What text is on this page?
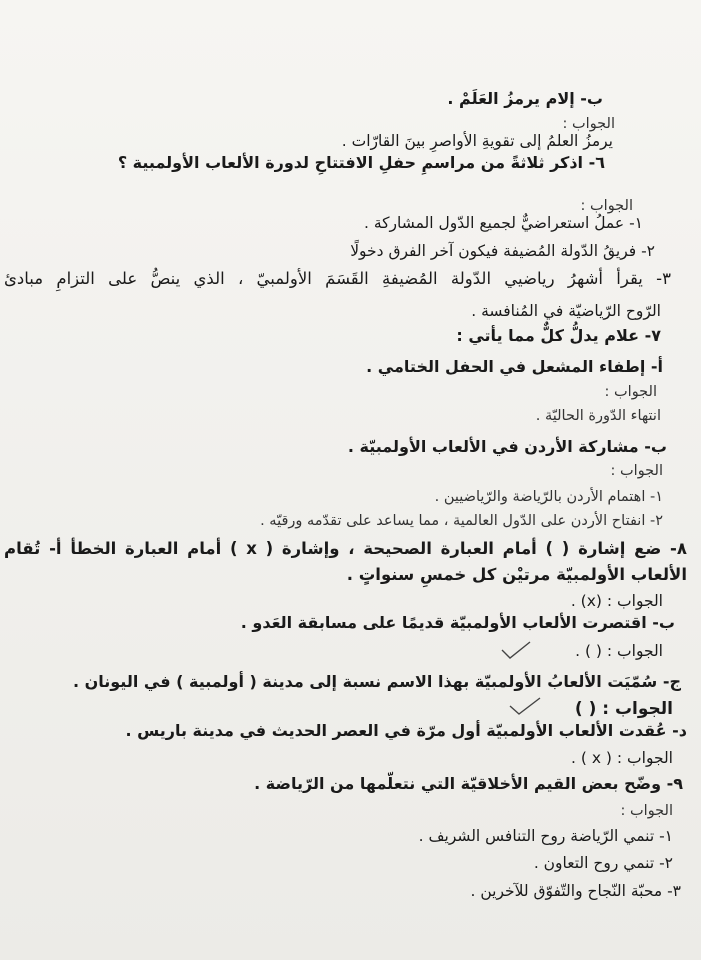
ب- إلام يرمزُ العَلَمْ .
الجواب :
يرمزُ العلمُ إلى تقويةِ الأواصرِ بينَ القارّات .
٦- اذكر ثلاثةً من مراسمِ حفلِ الافتتاحِ لدورة الألعاب الأولمبية ؟
الجواب :
١- عملُ استعراضيٌّ لجميع الدّول المشاركة .
٢- فريقُ الدّولة المُضيفة فيكون آخر الفرق دخولًا
٣- يقرأ أشهرُ رياضيي الدّولة المُضيفةِ القَسَمَ الأولمبيّ ، الذي ينصُّ على التزامِ مبادئ
الرّوح الرّياضيّة في المُنافسة .
٧- علام يدلُّ كلٌّ مما يأتي :
أ- إطفاء المشعل في الحفل الختامي .
الجواب :
انتهاء الدّورة الحاليّة .
ب- مشاركة الأردن في الألعاب الأولمبيّة .
الجواب :
١- اهتمام الأردن بالرّياضة والرّياضيين .
٢- انفتاح الأردن على الدّول العالمية ، مما يساعد على تقدّمه ورقيّه .
٨- ضع إشارة ( ) أمام العبارة الصحيحة ، وإشارة ( x ) أمام العبارة الخطأ أ- تُقام
الألعاب الأولمبيّة مرتيْن كل خمسِ سنواتٍ .
الجواب : (x) .
ب- اقتصرت الألعاب الأولمبيّة قديمًا على مسابقة العَدو .
الجواب : ( ) .
ج- سُمّيَت الألعابُ الأولمبيّة بهذا الاسم نسبة إلى مدينة ( أولمبية ) في اليونان .
الجواب : ( )
د- عُقدت الألعاب الأولمبيّة أول مرّة في العصر الحديث في مدينة باريس .
الجواب : ( x ) .
٩- وضّح بعض القيم الأخلاقيّة التي نتعلّمها من الرّياضة .
الجواب :
١- تنمي الرّياضة روح التنافس الشريف .
٢- تنمي روح التعاون .
٣- محبّة النّجاح والتّفوّق للآخرين .
